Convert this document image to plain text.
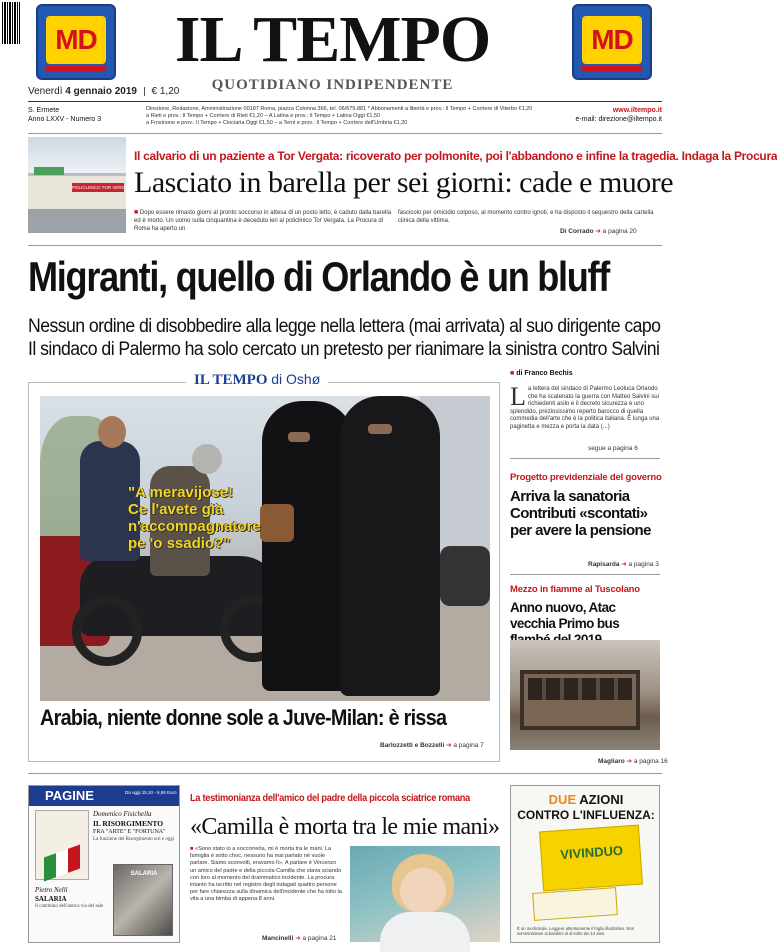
MD	MD
IL TEMPO
QUOTIDIANO INDIPENDENTE
Venerdì 4 gennaio 2019 € 1,20
S. Ermete
Anno LXXV - Numero 3
Direzione, Redazione, Amministrazione 00187 Roma, piazza Colonna 366, tel. 06/675.881 * Abbonamenti a libertà e prov.: Il Tempo + Corriere di Viterbo €1,20
a Rieti e prov.: Il Tempo + Corriere di Rieti €1,20 – A Latina e prov.: Il Tempo + Latina Oggi €1,50
a Frosinone e prov.: Il Tempo + Ciociaria Oggi €1,50 – a Terni e prov.: Il Tempo + Corriere dell'Umbria €1,20
www.iltempo.it
e-mail: direzione@iltempo.it
POLICLINICO TOR VERGATA
Il calvario di un paziente a Tor Vergata: ricoverato per polmonite, poi l'abbandono e infine la tragedia. Indaga la Procura
Lasciato in barella per sei giorni: cade e muore
■ Dopo essere rimasto giorni al pronto soccorso in attesa di un posto letto, è caduto dalla barella ed è morto. Un uomo sulla cinquantina è deceduto ieri al policlinico Tor Vergata. La Procura di Roma ha aperto un
fascicolo per omicidio colposo, al momento contro ignoti, e ha disposto il sequestro della cartella clinica della vittima.
Di Corrado ➔ a pagina 20
Migranti, quello di Orlando è un bluff
Nessun ordine di disobbedire alla legge nella lettera (mai arrivata) al suo dirigente capo
Il sindaco di Palermo ha solo cercato un pretesto per rianimare la sinistra contro Salvini
IL TEMPO di Oshø
"A meravijose!
Ce l'avete già
n'accompagnatore
pe 'o ssadio?"
Arabia, niente donne sole a Juve-Milan: è rissa
Barlozzetti e Bozzelli ➔ a pagina 7
■ di Franco Bechis
L a lettera del sindaco di Palermo Leoluca Orlando che ha scatenato la guerra con Matteo Salvini sui richiedenti asilo e il decreto sicurezza è uno splendido, preziosissimo reperto barocco di quella commedia dell'arte che è la politica italiana. È lunga una paginetta e mezza e porta la data (...)
segue a pagina 6
Progetto previdenziale del governo
Arriva la sanatoria Contributi «scontati» per avere la pensione
Rapisarda ➔ a pagina 3
Mezzo in fiamme al Tuscolano
Anno nuovo, Atac vecchia Primo bus
Magliaro ➔ a pagina 16
PAGINE	Da oggi 15,10 - 6,99 Euro
Domenico Fisichella
IL RISORGIMENTO
FRA "ARTE" E "FORTUNA"
La funzione del Risorgimento ieri e oggi
Pietro Nelli
SALARIA
Il cammino dell'antica via del sale
SALARIA
La testimonianza dell'amico del padre della piccola sciatrice romana
«Camilla è morta tra le mie mani»
■ «Sono stato io a soccorrerla, mi è morta tra le mani. La famiglia è sotto choc, nessuno ha mai parlato né vuole parlare. Siamo sconvolti, eravamo lì». A parlare è Vincenzo un amico del padre e della piccola Camilla che stava sciando con loro al momento del drammatico incidente. La procura intanto ha iscritto nel registro degli indagati quattro persone per fare chiarezza sulla dinamica dell'incidente che ha tolto la vita a una bimba di appena 8 anni.
Mancinelli ➔ a pagina 21
DUE AZIONI
CONTRO L'INFLUENZA:
VIVINDUO
È un medicinale. Leggere attentamente il foglio illustrativo. Non somministrare ai bambini al di sotto dei 12 anni.
